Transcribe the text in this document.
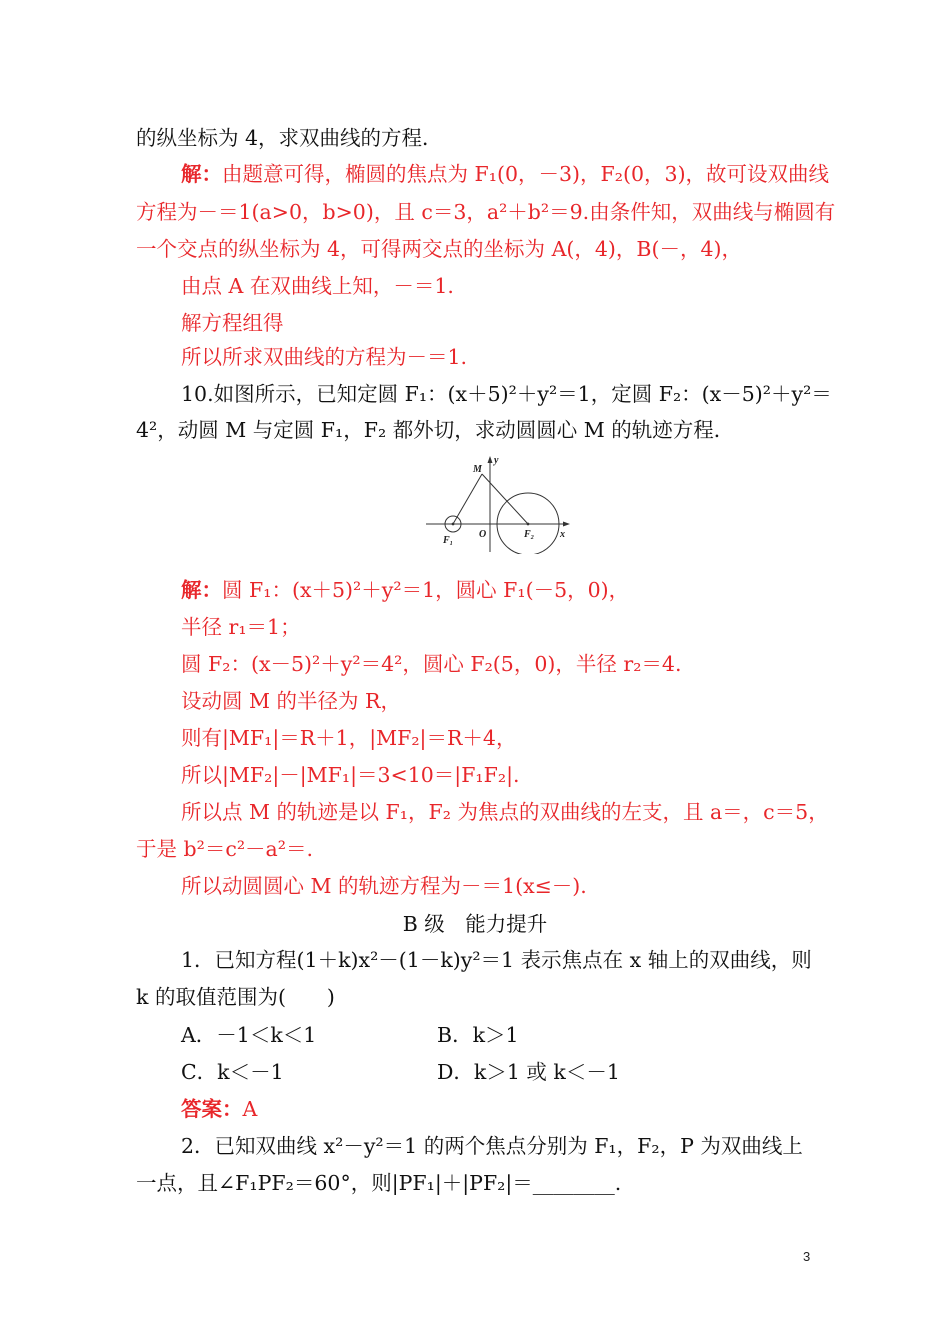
的纵坐标为 4，求双曲线的方程．
解：由题意可得，椭圆的焦点为 F₁(0，－3)，F₂(0，3)，故可设双曲线
方程为－＝1(a>0，b>0)，且 c＝3，a²＋b²＝9.由条件知，双曲线与椭圆有
一个交点的纵坐标为 4，可得两交点的坐标为 A(，4)，B(－，4)，
由点 A 在双曲线上知，－＝1.
解方程组得
所以所求双曲线的方程为－＝1.
10.如图所示，已知定圆 F₁：(x＋5)²＋y²＝1，定圆 F₂：(x－5)²＋y²＝
4²，动圆 M 与定圆 F₁，F₂ 都外切，求动圆圆心 M 的轨迹方程．
M
y
F₁
O	F₂	x
解：圆 F₁：(x＋5)²＋y²＝1，圆心 F₁(－5，0)，
半径 r₁＝1；
圆 F₂：(x－5)²＋y²＝4²，圆心 F₂(5，0)，半径 r₂＝4.
设动圆 M 的半径为 R，
则有|MF₁|＝R＋1，|MF₂|＝R＋4，
所以|MF₂|－|MF₁|＝3<10＝|F₁F₂|.
所以点 M 的轨迹是以 F₁，F₂ 为焦点的双曲线的左支，且 a＝，c＝5，
于是 b²＝c²－a²＝.
所以动圆圆心 M 的轨迹方程为－＝1(x≤－).
B 级　能力提升
1．已知方程(1＋k)x²－(1－k)y²＝1 表示焦点在 x 轴上的双曲线，则
k 的取值范围为(　　)
A．－1＜k＜1	B．k＞1
C．k＜－1	D．k＞1 或 k＜－1
答案：A
2．已知双曲线 x²－y²＝1 的两个焦点分别为 F₁，F₂，P 为双曲线上
一点，且∠F₁PF₂＝60°，则|PF₁|＋|PF₂|＝________.
3
